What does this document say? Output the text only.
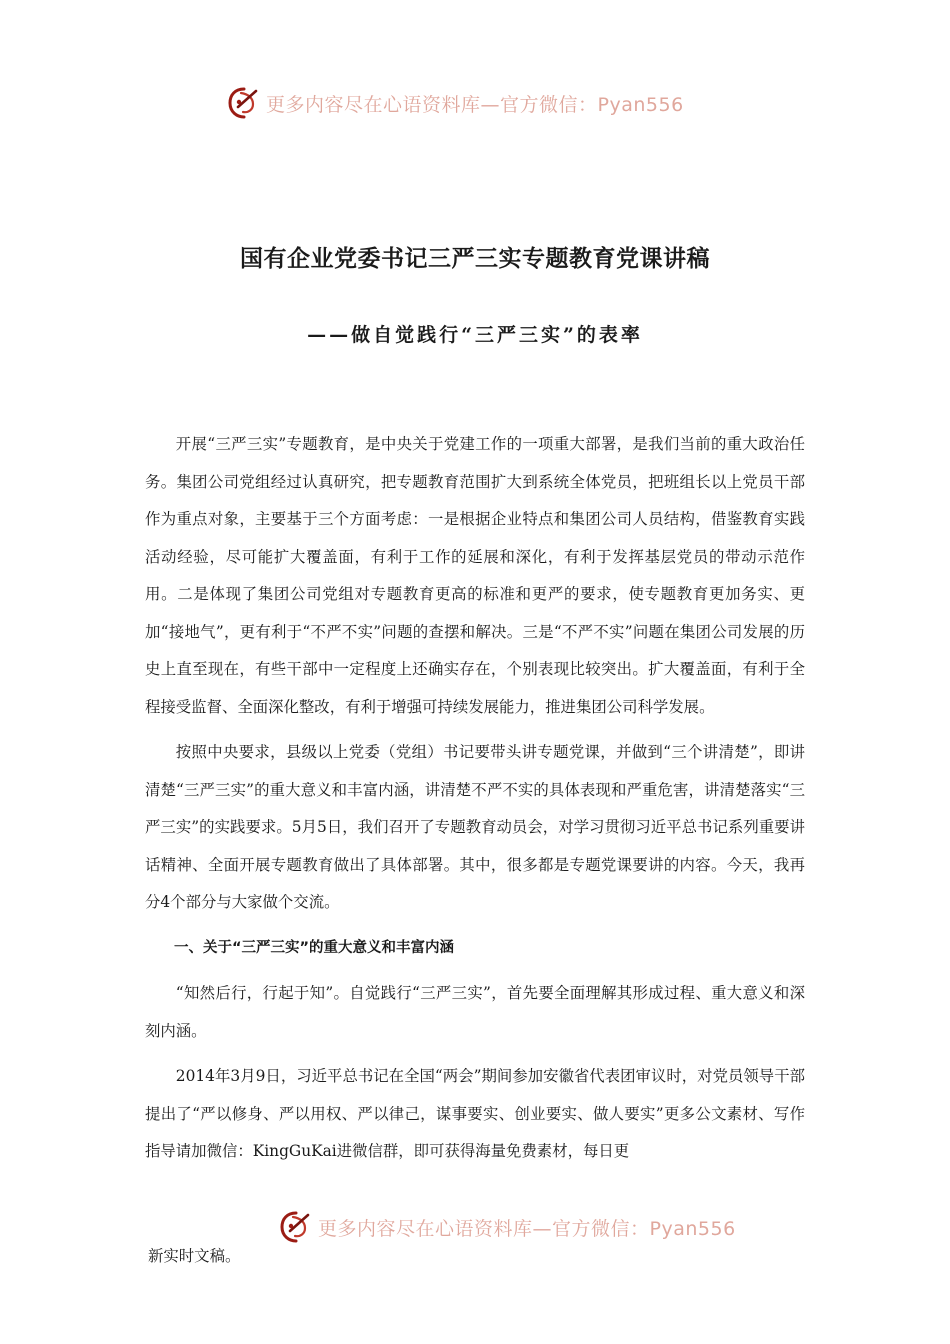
更多内容尽在心语资料库—官方微信：Pyan556
国有企业党委书记三严三实专题教育党课讲稿
——做自觉践行“三严三实”的表率

开展“三严三实”专题教育，是中央关于党建工作的一项重大部署，是我们当前的重大政治任务。集团公司党组经过认真研究，把专题教育范围扩大到系统全体党员，把班组长以上党员干部作为重点对象，主要基于三个方面考虑：一是根据企业特点和集团公司人员结构，借鉴教育实践活动经验，尽可能扩大覆盖面，有利于工作的延展和深化，有利于发挥基层党员的带动示范作用。二是体现了集团公司党组对专题教育更高的标准和更严的要求，使专题教育更加务实、更加“接地气”，更有利于“不严不实”问题的查摆和解决。三是“不严不实”问题在集团公司发展的历史上直至现在，有些干部中一定程度上还确实存在，个别表现比较突出。扩大覆盖面，有利于全程接受监督、全面深化整改，有利于增强可持续发展能力，推进集团公司科学发展。

按照中央要求，县级以上党委（党组）书记要带头讲专题党课，并做到“三个讲清楚”，即讲清楚“三严三实”的重大意义和丰富内涵，讲清楚不严不实的具体表现和严重危害，讲清楚落实“三严三实”的实践要求。5月5日，我们召开了专题教育动员会，对学习贯彻习近平总书记系列重要讲话精神、全面开展专题教育做出了具体部署。其中，很多都是专题党课要讲的内容。今天，我再分4个部分与大家做个交流。

一、关于“三严三实”的重大意义和丰富内涵

“知然后行，行起于知”。自觉践行“三严三实”，首先要全面理解其形成过程、重大意义和深刻内涵。

2014年3月9日，习近平总书记在全国“两会”期间参加安徽省代表团审议时，对党员领导干部提出了“严以修身、严以用权、严以律己，谋事要实、创业要实、做人要实”更多公文素材、写作指导请加微信：KingGuKai进微信群，即可获得海量免费素材，每日更

更多内容尽在心语资料库—官方微信：Pyan556

新实时文稿。
